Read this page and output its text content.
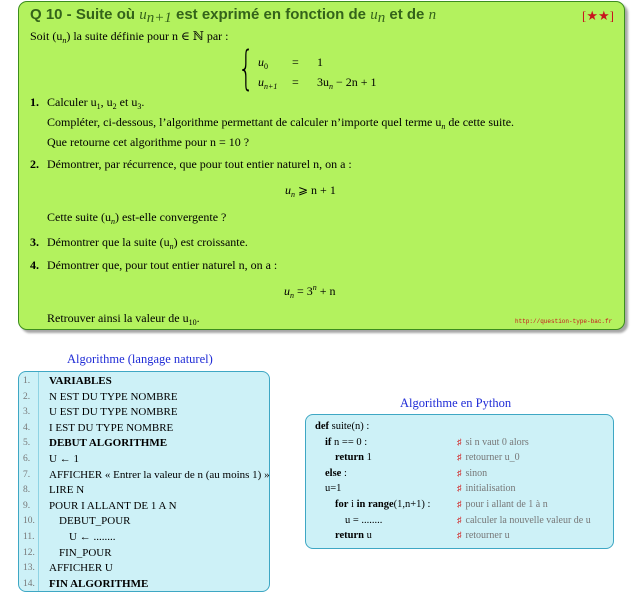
Q 10 - Suite où $u_{n+1}$ est exprimé en fonction de $u_n$ et de n	[★★]
Soit $(u_n)$ la suite définie pour n ∈ ℕ par :
{ $u_0 = 1$
$u_{n+1} = 3u_n - 2n + 1$
1. Calculer $u_1$, $u_2$ et $u_3$.
Compléter, ci-dessous, l’algorithme permettant de calculer n’importe quel terme $u_n$ de cette suite.
Que retourne cet algorithme pour n = 10 ?
2. Démontrer, par récurrence, que pour tout entier naturel n, on a :
$u_n$ ⩾ n + 1
Cette suite $(u_n)$ est-elle convergente ?
3. Démontrer que la suite $(u_n)$ est croissante.
4. Démontrer que, pour tout entier naturel n, on a :
$u_n = 3^n + n$
Retrouver ainsi la valeur de $u_{10}$.	http://question-type-bac.fr
Algorithme (langage naturel)
1.	VARIABLES
2.	N EST DU TYPE NOMBRE
3.	U EST DU TYPE NOMBRE
4.	I EST DU TYPE NOMBRE
5.	DEBUT ALGORITHME
6.	U ← 1
7.	AFFICHER « Entrer la valeur de n (au moins 1) »
8.	LIRE N
9.	POUR I ALLANT DE 1 A N
10.	DEBUT_POUR
11.	U ← ........
12.	FIN_POUR
13.	AFFICHER U
14.	FIN ALGORITHME
Algorithme en Python
def suite(n) :
if n == 0 :	♯ si n vaut 0 alors
return 1	♯ retourner u_0
else :	♯ sinon
u=1	♯ initialisation
for i in range(1,n+1) :	♯ pour i allant de 1 à n
u = ........	♯ calculer la nouvelle valeur de u
return u	♯ retourner u
